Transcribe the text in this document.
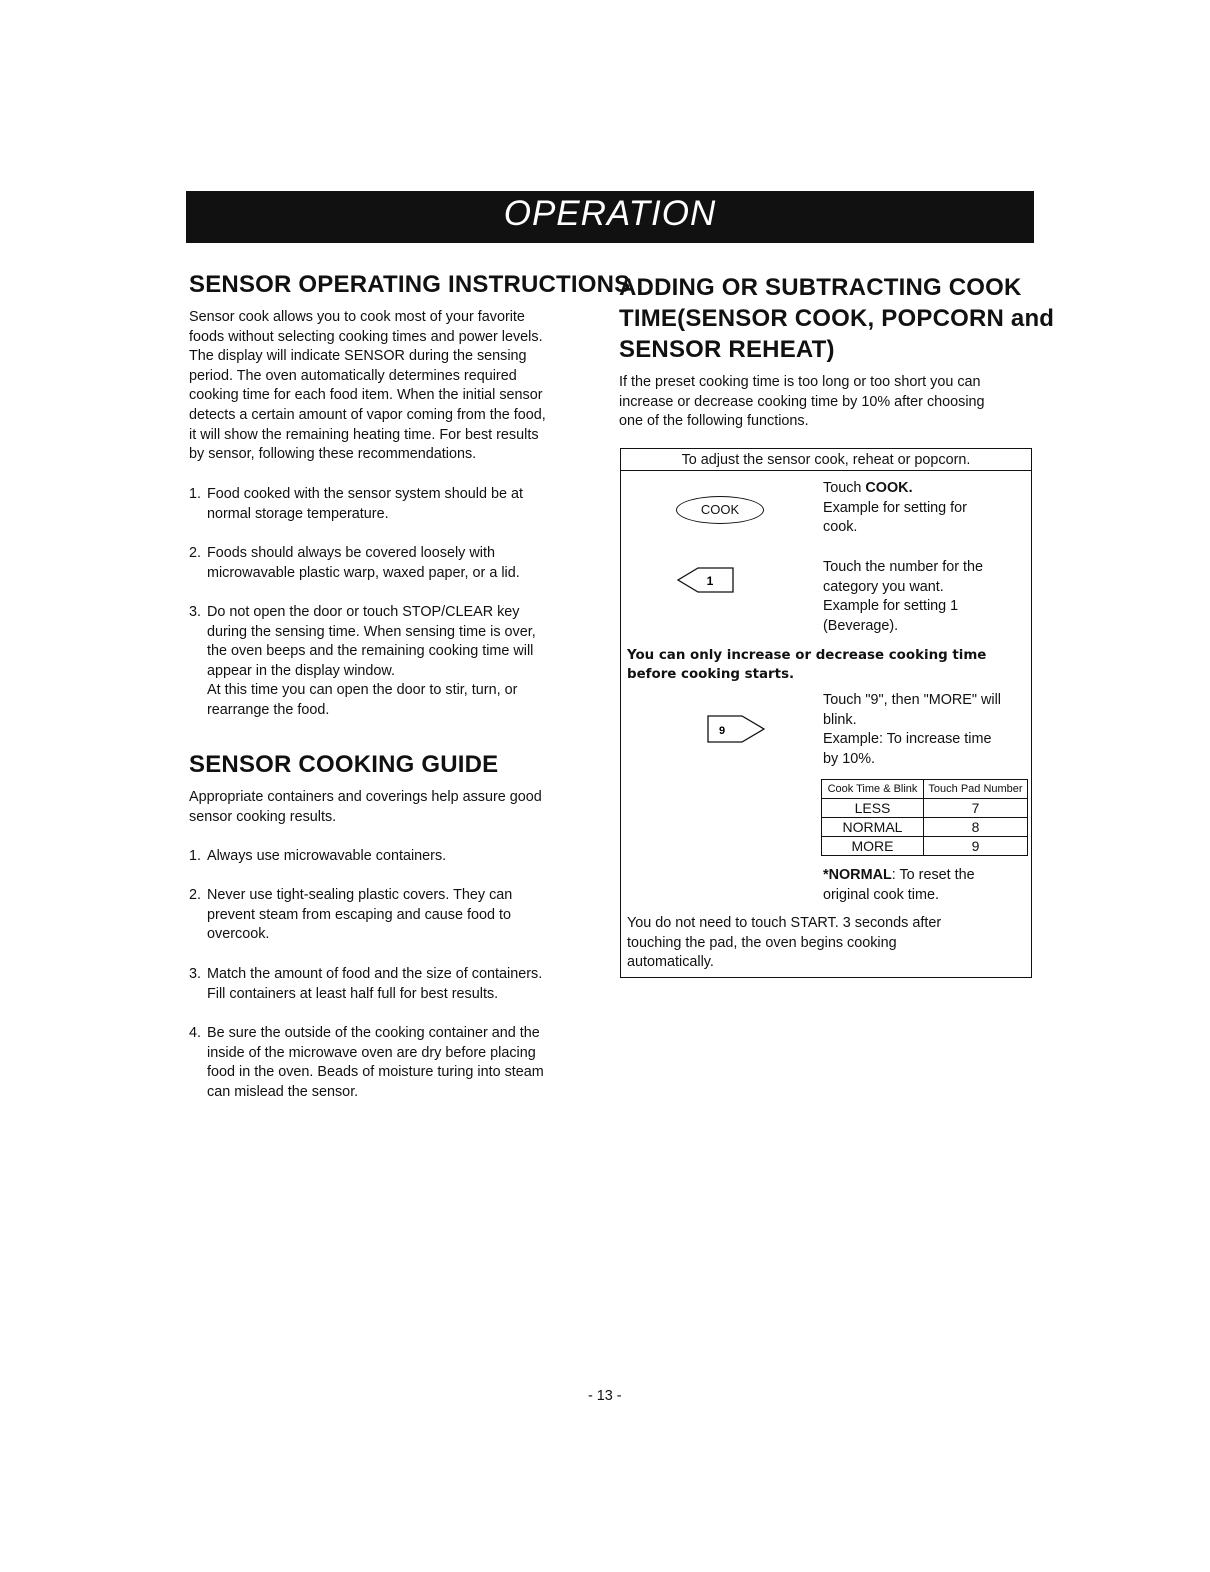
OPERATION
SENSOR OPERATING INSTRUCTIONS
Sensor cook allows you to cook most of your favorite
foods without selecting cooking times and power levels.
The display will indicate SENSOR during the sensing
period. The oven automatically determines required
cooking time for each food item. When the initial sensor
detects a certain amount of vapor coming from the food,
it will show the remaining heating time. For best results
by sensor, following these recommendations.
1. Food cooked with the sensor system should be at
normal storage temperature.
2. Foods should always be covered loosely with
microwavable plastic warp, waxed paper, or a lid.
3. Do not open the door or touch STOP/CLEAR key
during the sensing time. When sensing time is over,
the oven beeps and the remaining cooking time will
appear in the display window.
At this time you can open the door to stir, turn, or
rearrange the food.
SENSOR COOKING GUIDE
Appropriate containers and coverings help assure good
sensor cooking results.
1. Always use microwavable containers.
2. Never use tight-sealing plastic covers. They can
prevent steam from escaping and cause food to
overcook.
3. Match the amount of food and the size of containers.
Fill containers at least half full for best results.
4. Be sure the outside of the cooking container and the
inside of the microwave oven are dry before placing
food in the oven. Beads of moisture turing into steam
can mislead the sensor.
ADDING OR SUBTRACTING COOK
TIME(SENSOR COOK, POPCORN and
SENSOR REHEAT)
If the preset cooking time is too long or too short you can
increase or decrease cooking time by 10% after choosing
one of the following functions.
To adjust the sensor cook, reheat or popcorn.
COOK
1
9
Touch COOK.
Example for setting for
cook.
Touch the number for the
category you want.
Example for setting 1
(Beverage).
You can only increase or decrease cooking time
before cooking starts.
Touch "9", then "MORE" will
blink.
Example: To increase time
by 10%.
Cook Time & Blink	Touch Pad Number
LESS	7
NORMAL	8
MORE	9
*NORMAL: To reset the
original cook time.
You do not need to touch START. 3 seconds after
touching the pad, the oven begins cooking
automatically.
- 13 -
